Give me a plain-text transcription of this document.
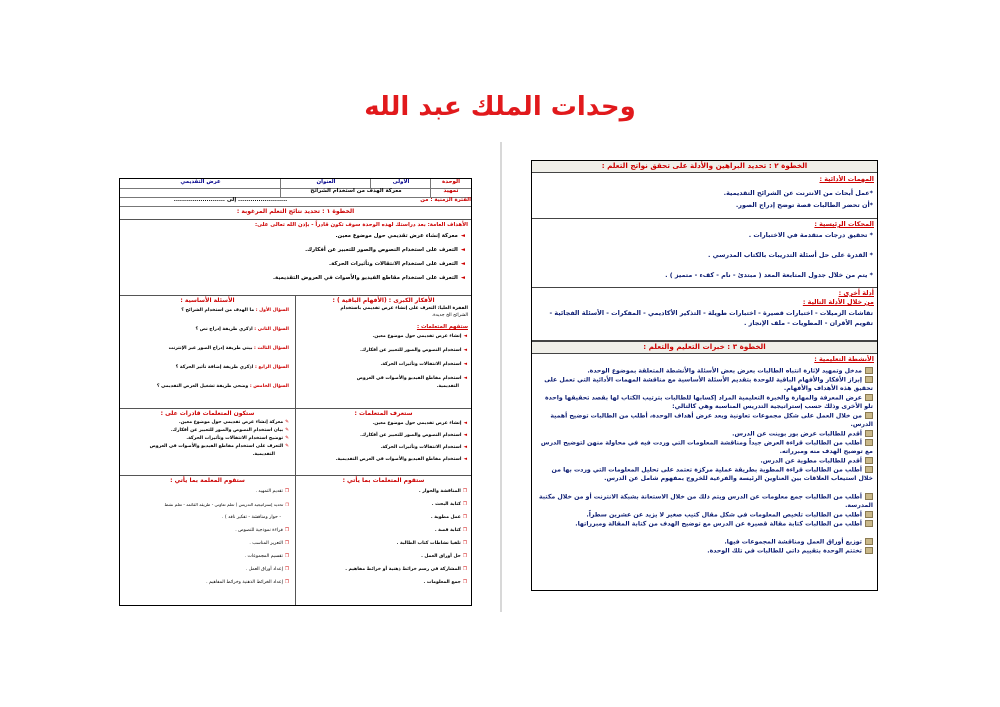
وحدات الملك عبد الله
الوحدة
الأولى
العنوان
عرض التقديمي
تمهيد
معركة الهدف من استخدام الشرائح
الفترة الزمنية : من
........................ إلى .........................
الخطوة ١ : تحديد نتائج التعلم المرغوبة :
الأهداف العامة: بعد دراستك لهذه الوحدة سوف تكون قادراً - بإذن الله تعالى على:
◄معركة إنشاء عرض تقديمي حول موضوع معين.
◄التعرف على استخدام النصوص والصور للتعبير عن أفكارك.
◄التعرف على استخدام الانتقالات وتأثيرات الحركة.
◄التعرف على استخدام مقاطع الفيديو والأصوات في العروض التقديمية.
الأفكار الكبرى : (الأفهام الباقية ) :
الفقرة العليا: التعرف على إنشاء عرض تقديمي باستخدام
الشرائح الخ جديدة.
ستفهم المتعلمات :
◄إنشاء عرض تقديمي حول موضوع معين.
◄استخدام النصوص والصور للتعبير عن أفكارك.
◄استخدام الانتقالات وتأثيرات الحركة.
◄استخدام مقاطع الفيديو والأصوات في العروض
التقديمية.
الأسئلة الأساسية :
السؤال الأول : ما الهدف من استخدام الشرائح ؟
السؤال الثاني : اذكري طريقة إدراج نص ؟
السؤال الثالث : بيني طريقة إدراج الصور عبر الإنترنت
السؤال الرابع : اذكري طريقة إضافة تأثير الحركة ؟
السؤال الخامس : وضحي طريقة تشغيل العرض التقديمي ؟
ستعرف المتعلمات :
◄إنشاء عرض تقديمي حول موضوع معين.
◄استخدام النصوص والصور للتعبير عن أفكارك.
◄استخدام الانتقالات وتأثيرات الحركة.
◄استخدام مقاطع الفيديو والأصوات في العرض التقديمية.
ستكون المتعلمات قادرات على :
✎معركة إنشاء عرض تقديمي حول موضوع معين.
✎بيان استخدام النصوص والصور للتعبير عن أفكارك.
✎توضيح استخدام الانتقالات وتأثيرات الحركة.
✎التعرف على استخدام مقاطع الفيديو والأصوات في العروض
التقديمية.
ستقوم المتعلمات بما يأتي :
❐المناقشة والحوار .
❐كتابة البحث .
❐عمل مطوية .
❐كتابة قصة .
❐تلقيا نشاطات كتاب الطالبة .
❐حل أوراق العمل .
❐المشاركة في رسم خرائط ذهنية أو خرائط مفاهيم .
❐جمع المعلومات .
ستقوم المعلمة بما يأتي :
❐تقديم التمهيد .
❐تحديد إستراتيجية التدريس ( تعلم تعاوني - طريقة القائمة - تعلم نشط
- حوار ومناقشة - تفكير ناقد ) .
❐قراءة نموذجية للنصوص .
❐التعزيز المناسب .
❐تقسيم المجموعات .
❐إعداد أوراق العمل .
❐إعداد الخرائط الذهنية وخرائط المفاهيم .
الخطوة ٢ : تحديد البراهين والأدلة على تحقق نواتج التعلم :
المهمات الأدائية :
*عمل أبحاث من الانترنت عن الشرائح التقديمية.
*أن تحضر الطالبات قصة توضح إدراج الصور.
المحكات الرئيسية :
* تحقيق درجات متقدمة في الاختبارات .
* القدرة على حل أسئلة التدريبات بالكتاب المدرسي .
* يتم من خلال جدول المتابعة المعد ( مبتدئ - نام - كفء - متميز ) .
أدلة أخرى :
من خلال الأدلة التالية :
تقاشات الزميلات - اختبارات قصيرة - اختبارات طويلة - التذكير الأكاديمي - المفكرات - الأسئلة الفجائية - تقويم الأقران - المطويات - ملف الإنجاز .
الخطوة ٣ : خبرات التعليم والتعلم :
الأنشطة التعليمية :
مدخل وتمهيد لإثارة انتباه الطالبات بعرض بعض الأسئلة والأنشطة المتعلقة بموضوع الوحدة.
إبراز الأفكار والأفهام الباقية للوحدة بتقديم الأسئلة الأساسية مع مناقشة المهمات الأدائية التي تعمل على تحقيق هذه الأهداف والأفهام.
عرض المعرفة والمهارة والخبرة التعليمية المراد إكسابها للطالبات بترتيب الكتاب لها بقصد تحقيقها واحدة تلو الأخرى وذلك حسب إستراتيجية التدريس المناسبة وهي كالتالي:
من خلال العمل على شكل مجموعات تعاونية وبعد عرض أهداف الوحدة، أطلب من الطالبات توضيح أهمية الدرس.
أقدم للطالبات عرض بور بوينت عن الدرس.
أطلب من الطالبات قراءة العرض جيداً ومناقشة المعلومات التي وردت فيه في محاولة منهن لتوضيح الدرس مع توضيح الهدف منه ومبرراته.
أقدم للطالبات مطوية عن الدرس.
أطلب من الطالبات قراءة المطوية بطريقة عملية مركزة تعتمد على تحليل المعلومات التي وردت بها من خلال استيعاب العلاقات بين العناوين الرئيسة والفرعية للخروج بمفهوم شامل عن الدرس.
أطلب من الطالبات جمع معلومات عن الدرس ويتم ذلك من خلال الاستعانة بشبكة الانترنت أو من خلال مكتبة المدرسة.
أطلب من الطالبات تلخيص المعلومات في شكل مقال كتيب صغير لا يزيد عن عشرين سطراً.
أطلب من الطالبات كتابة مقالة قصيرة عن الدرس مع توضيح الهدف من كتابة المقالة ومبرراتها.
توزيع أوراق العمل ومناقشة المجموعات فيها.
تختتم الوحدة بتقييم ذاتي للطالبات في تلك الوحدة.
